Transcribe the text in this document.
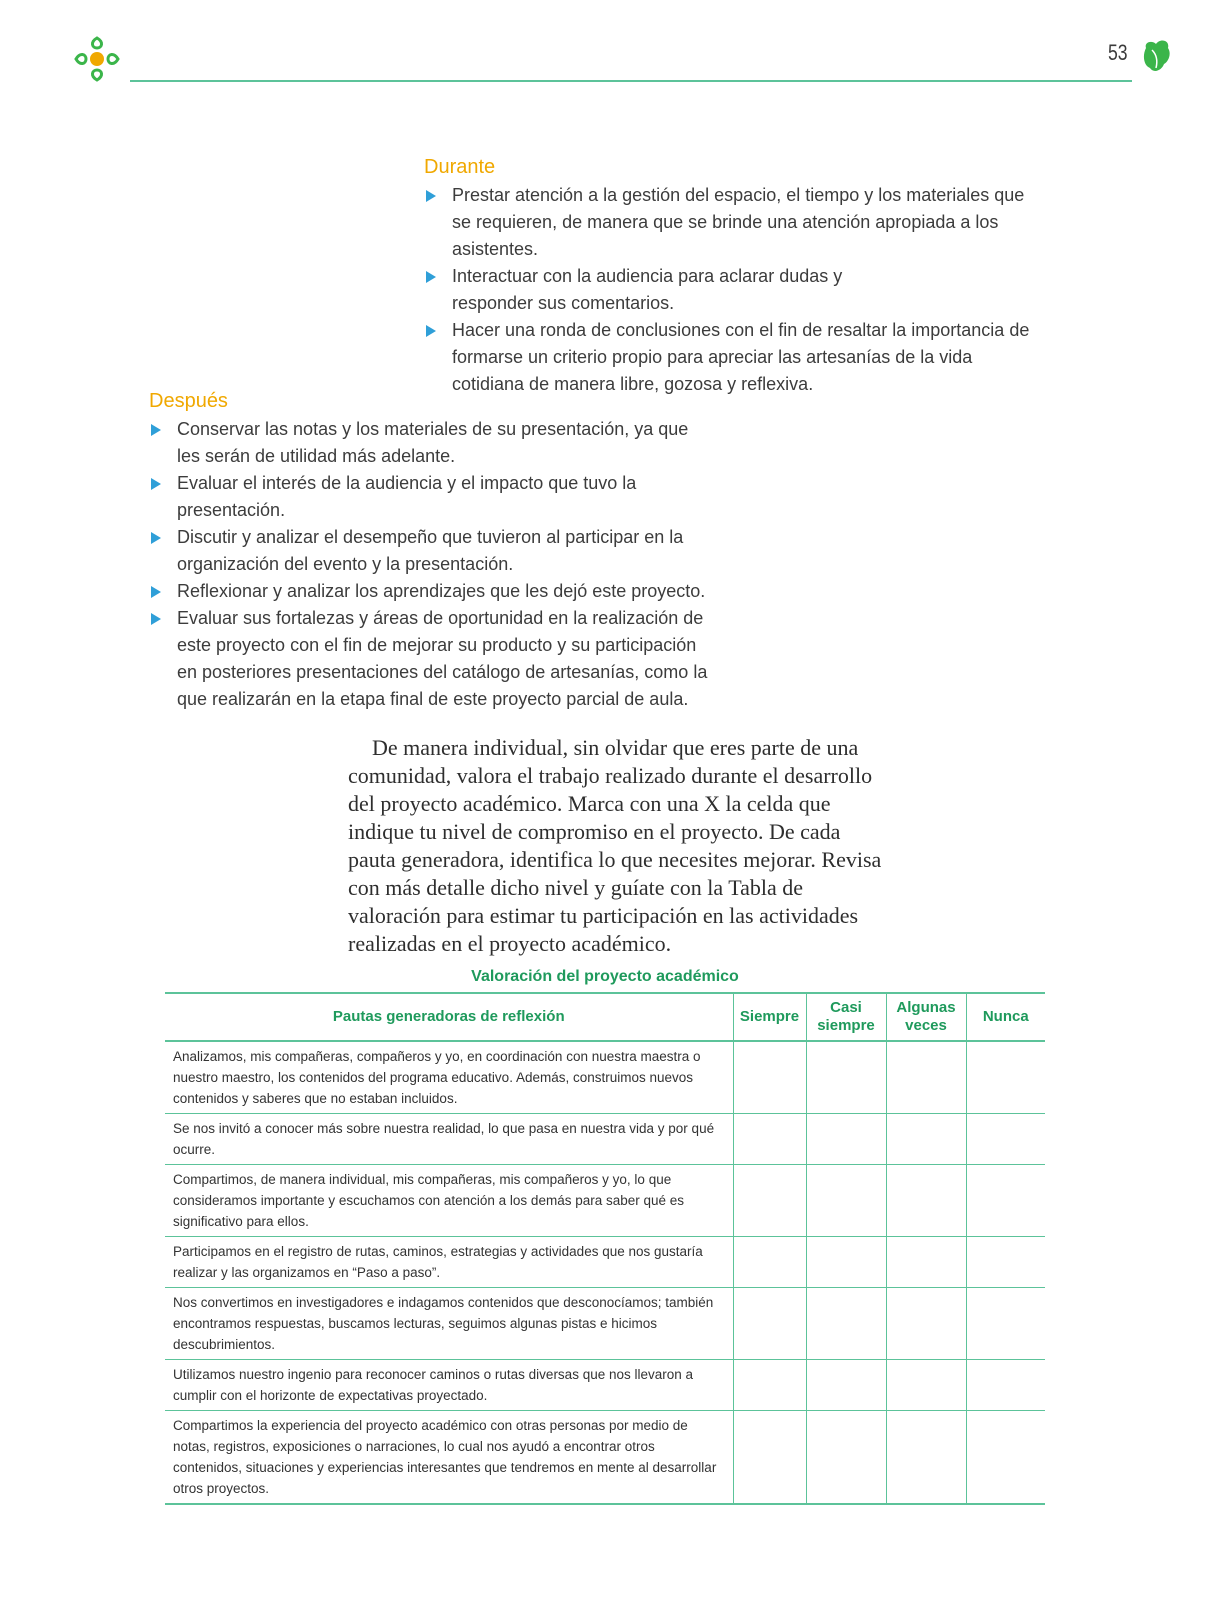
53
Durante
Prestar atención a la gestión del espacio, el tiempo y los materiales que se requieren, de manera que se brinde una atención apropiada a los asistentes.
Interactuar con la audiencia para aclarar dudas y responder sus comentarios.
Hacer una ronda de conclusiones con el fin de resaltar la importancia de formarse un criterio propio para apreciar las artesanías de la vida cotidiana de manera libre, gozosa y reflexiva.
Después
Conservar las notas y los materiales de su presentación, ya que les serán de utilidad más adelante.
Evaluar el interés de la audiencia y el impacto que tuvo la presentación.
Discutir y analizar el desempeño que tuvieron al participar en la organización del evento y la presentación.
Reflexionar y analizar los aprendizajes que les dejó este proyecto.
Evaluar sus fortalezas y áreas de oportunidad en la realización de este proyecto con el fin de mejorar su producto y su participación en posteriores presentaciones del catálogo de artesanías, como la que realizarán en la etapa final de este proyecto parcial de aula.

De manera individual, sin olvidar que eres parte de una comunidad, valora el trabajo realizado durante el desarrollo del proyecto académico. Marca con una X la celda que indique tu nivel de compromiso en el proyecto. De cada pauta generadora, identifica lo que necesites mejorar. Revisa con más detalle dicho nivel y guíate con la Tabla de valoración para estimar tu participación en las actividades realizadas en el proyecto académico.

Valoración del proyecto académico
Pautas generadoras de reflexión	Siempre	Casi siempre	Algunas veces	Nunca
Analizamos, mis compañeras, compañeros y yo, en coordinación con nuestra maestra o nuestro maestro, los contenidos del programa educativo. Además, construimos nuevos contenidos y saberes que no estaban incluidos.				
Se nos invitó a conocer más sobre nuestra realidad, lo que pasa en nuestra vida y por qué ocurre.				
Compartimos, de manera individual, mis compañeras, mis compañeros y yo, lo que consideramos importante y escuchamos con atención a los demás para saber qué es significativo para ellos.				
Participamos en el registro de rutas, caminos, estrategias y actividades que nos gustaría realizar y las organizamos en “Paso a paso”.				
Nos convertimos en investigadores e indagamos contenidos que desconocíamos; también encontramos respuestas, buscamos lecturas, seguimos algunas pistas e hicimos descubrimientos.				
Utilizamos nuestro ingenio para reconocer caminos o rutas diversas que nos llevaron a cumplir con el horizonte de expectativas proyectado.				
Compartimos la experiencia del proyecto académico con otras personas por medio de notas, registros, exposiciones o narraciones, lo cual nos ayudó a encontrar otros contenidos, situaciones y experiencias interesantes que tendremos en mente al desarrollar otros proyectos.				
